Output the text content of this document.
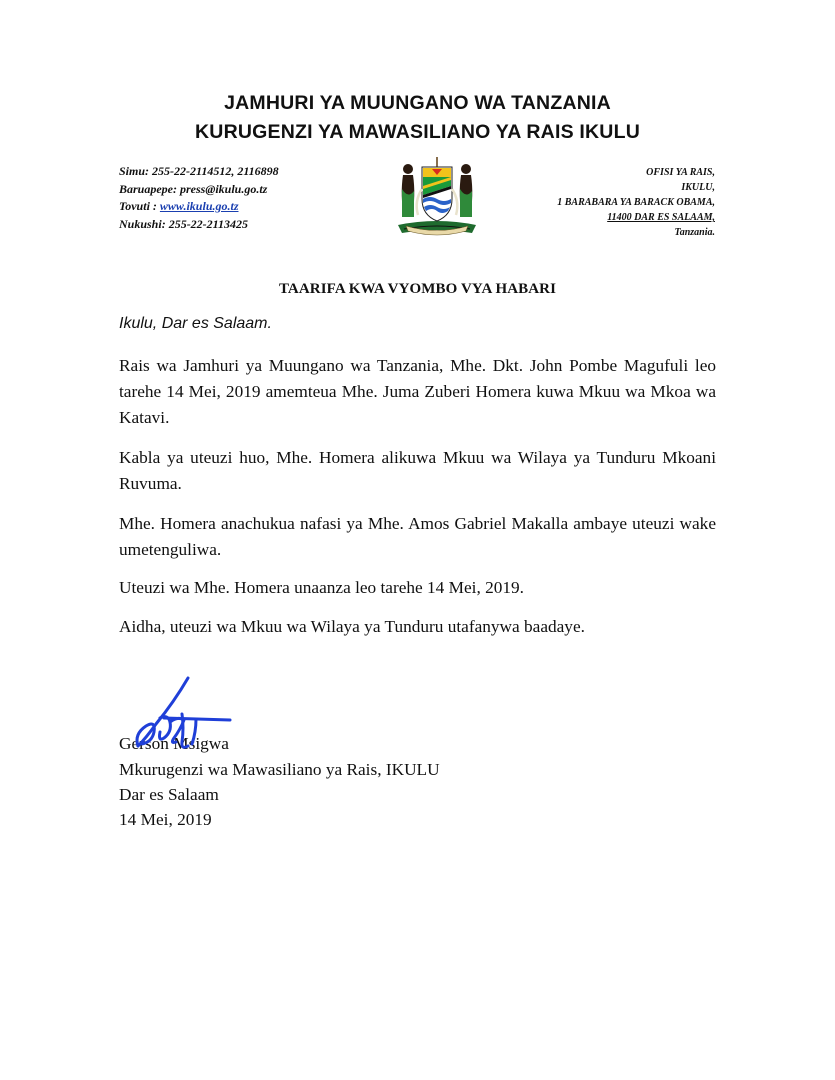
JAMHURI YA MUUNGANO WA TANZANIA
KURUGENZI YA MAWASILIANO YA RAIS IKULU
Simu: 255-22-2114512, 2116898
Baruapepe: press@ikulu.go.tz
Tovuti : www.ikulu.go.tz
Nukushi: 255-22-2113425
OFISI YA RAIS,
IKULU,
1 BARABARA YA BARACK OBAMA,
11400 DAR ES SALAAM,
Tanzania.
TAARIFA KWA VYOMBO VYA HABARI
Ikulu, Dar es Salaam.
Rais wa Jamhuri ya Muungano wa Tanzania, Mhe. Dkt. John Pombe Magufuli leo tarehe 14 Mei, 2019 amemteua Mhe. Juma Zuberi Homera kuwa Mkuu wa Mkoa wa Katavi.
Kabla ya uteuzi huo, Mhe. Homera alikuwa Mkuu wa Wilaya ya Tunduru Mkoani Ruvuma.
Mhe. Homera anachukua nafasi ya Mhe. Amos Gabriel Makalla ambaye uteuzi wake umetenguliwa.
Uteuzi wa Mhe. Homera unaanza leo tarehe 14 Mei, 2019.
Aidha, uteuzi wa Mkuu wa Wilaya ya Tunduru utafanywa baadaye.
Gerson Msigwa
Mkurugenzi wa Mawasiliano ya Rais, IKULU
Dar es Salaam
14 Mei, 2019
